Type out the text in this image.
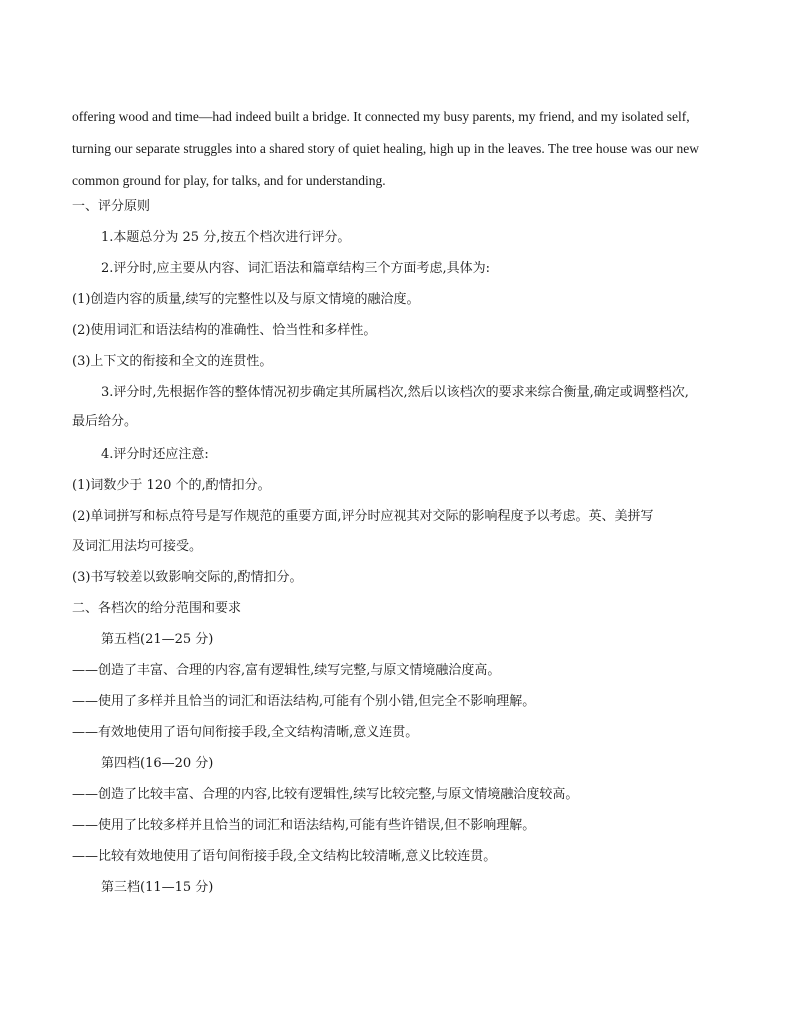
offering wood and time—had indeed built a bridge. It connected my busy parents, my friend, and my isolated self,
turning our separate struggles into a shared story of quiet healing, high up in the leaves. The tree house was our new
common ground for play, for talks, and for understanding.

一、评分原则

1.本题总分为 25 分,按五个档次进行评分。

2.评分时,应主要从内容、词汇语法和篇章结构三个方面考虑,具体为:

(1)创造内容的质量,续写的完整性以及与原文情境的融洽度。

(2)使用词汇和语法结构的准确性、恰当性和多样性。

(3)上下文的衔接和全文的连贯性。

3.评分时,先根据作答的整体情况初步确定其所属档次,然后以该档次的要求来综合衡量,确定或调整档次,

最后给分。

4.评分时还应注意:

(1)词数少于 120 个的,酌情扣分。

(2)单词拼写和标点符号是写作规范的重要方面,评分时应视其对交际的影响程度予以考虑。英、美拼写

及词汇用法均可接受。

(3)书写较差以致影响交际的,酌情扣分。

二、各档次的给分范围和要求

第五档(21—25 分)

——创造了丰富、合理的内容,富有逻辑性,续写完整,与原文情境融洽度高。

——使用了多样并且恰当的词汇和语法结构,可能有个别小错,但完全不影响理解。

——有效地使用了语句间衔接手段,全文结构清晰,意义连贯。

第四档(16—20 分)

——创造了比较丰富、合理的内容,比较有逻辑性,续写比较完整,与原文情境融洽度较高。

——使用了比较多样并且恰当的词汇和语法结构,可能有些许错误,但不影响理解。

——比较有效地使用了语句间衔接手段,全文结构比较清晰,意义比较连贯。

第三档(11—15 分)
